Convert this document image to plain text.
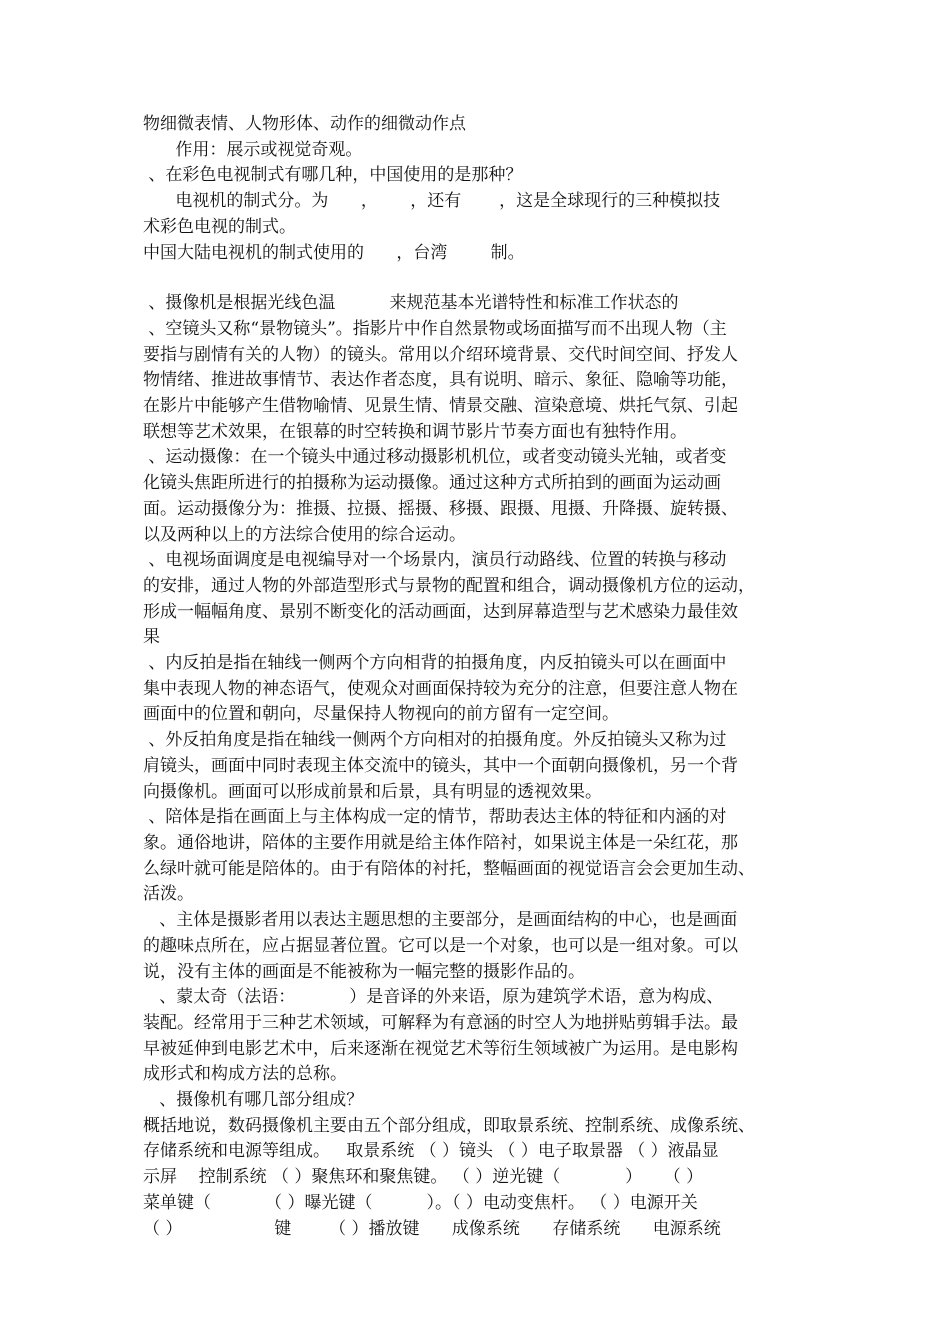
物细微表情、人物形体、动作的细微动作点
作用：展示或视觉奇观。
、在彩色电视制式有哪几种，中国使用的是那种？
电视机的制式分。为      ，      ，还有       ，这是全球现行的三种模拟技
术彩色电视的制式。
中国大陆电视机的制式使用的      ，台湾        制。
、摄像机是根据光线色温          来规范基本光谱特性和标准工作状态的
、空镜头又称“景物镜头”。指影片中作自然景物或场面描写而不出现人物（主
要指与剧情有关的人物）的镜头。常用以介绍环境背景、交代时间空间、抒发人
物情绪、推进故事情节、表达作者态度，具有说明、暗示、象征、隐喻等功能，
在影片中能够产生借物喻情、见景生情、情景交融、渲染意境、烘托气氛、引起
联想等艺术效果，在银幕的时空转换和调节影片节奏方面也有独特作用。
、运动摄像：在一个镜头中通过移动摄影机机位，或者变动镜头光轴，或者变
化镜头焦距所进行的拍摄称为运动摄像。通过这种方式所拍到的画面为运动画
面。运动摄像分为：推摄、拉摄、摇摄、移摄、跟摄、甩摄、升降摄、旋转摄、
以及两种以上的方法综合使用的综合运动。
、电视场面调度是电视编导对一个场景内，演员行动路线、位置的转换与移动
的安排，通过人物的外部造型形式与景物的配置和组合，调动摄像机方位的运动，
形成一幅幅角度、景别不断变化的活动画面，达到屏幕造型与艺术感染力最佳效
果
、内反拍是指在轴线一侧两个方向相背的拍摄角度，内反拍镜头可以在画面中
集中表现人物的神态语气，使观众对画面保持较为充分的注意，但要注意人物在
画面中的位置和朝向，尽量保持人物视向的前方留有一定空间。
、外反拍角度是指在轴线一侧两个方向相对的拍摄角度。外反拍镜头又称为过
肩镜头，画面中同时表现主体交流中的镜头，其中一个面朝向摄像机，另一个背
向摄像机。画面可以形成前景和后景，具有明显的透视效果。
、陪体是指在画面上与主体构成一定的情节，帮助表达主体的特征和内涵的对
象。通俗地讲，陪体的主要作用就是给主体作陪衬，如果说主体是一朵红花，那
么绿叶就可能是陪体的。由于有陪体的衬托，整幅画面的视觉语言会会更加生动、
活泼。
、主体是摄影者用以表达主题思想的主要部分，是画面结构的中心，也是画面
的趣味点所在，应占据显著位置。它可以是一个对象，也可以是一组对象。可以
说，没有主体的画面是不能被称为一幅完整的摄影作品的。
、蒙太奇（法语：          ）是音译的外来语，原为建筑学术语，意为构成、
装配。经常用于三种艺术领域，可解释为有意涵的时空人为地拼贴剪辑手法。最
早被延伸到电影艺术中，后来逐渐在视觉艺术等衍生领域被广为运用。是电影构
成形式和构成方法的总称。
、摄像机有哪几部分组成？
概括地说，数码摄像机主要由五个部分组成，即取景系统、控制系统、成像系统、
存储系统和电源等组成。   取景系统 （ ）镜头 （ ）电子取景器 （ ）液晶显
示屏    控制系统 （ ）聚焦环和聚焦键。 （ ）逆光键（            ）    （ ）
菜单键（          （ ）曝光键（          ）。（ ）电动变焦杆。 （ ）电源开关
（ ）                 键       （ ）播放键      成像系统      存储系统      电源系统
